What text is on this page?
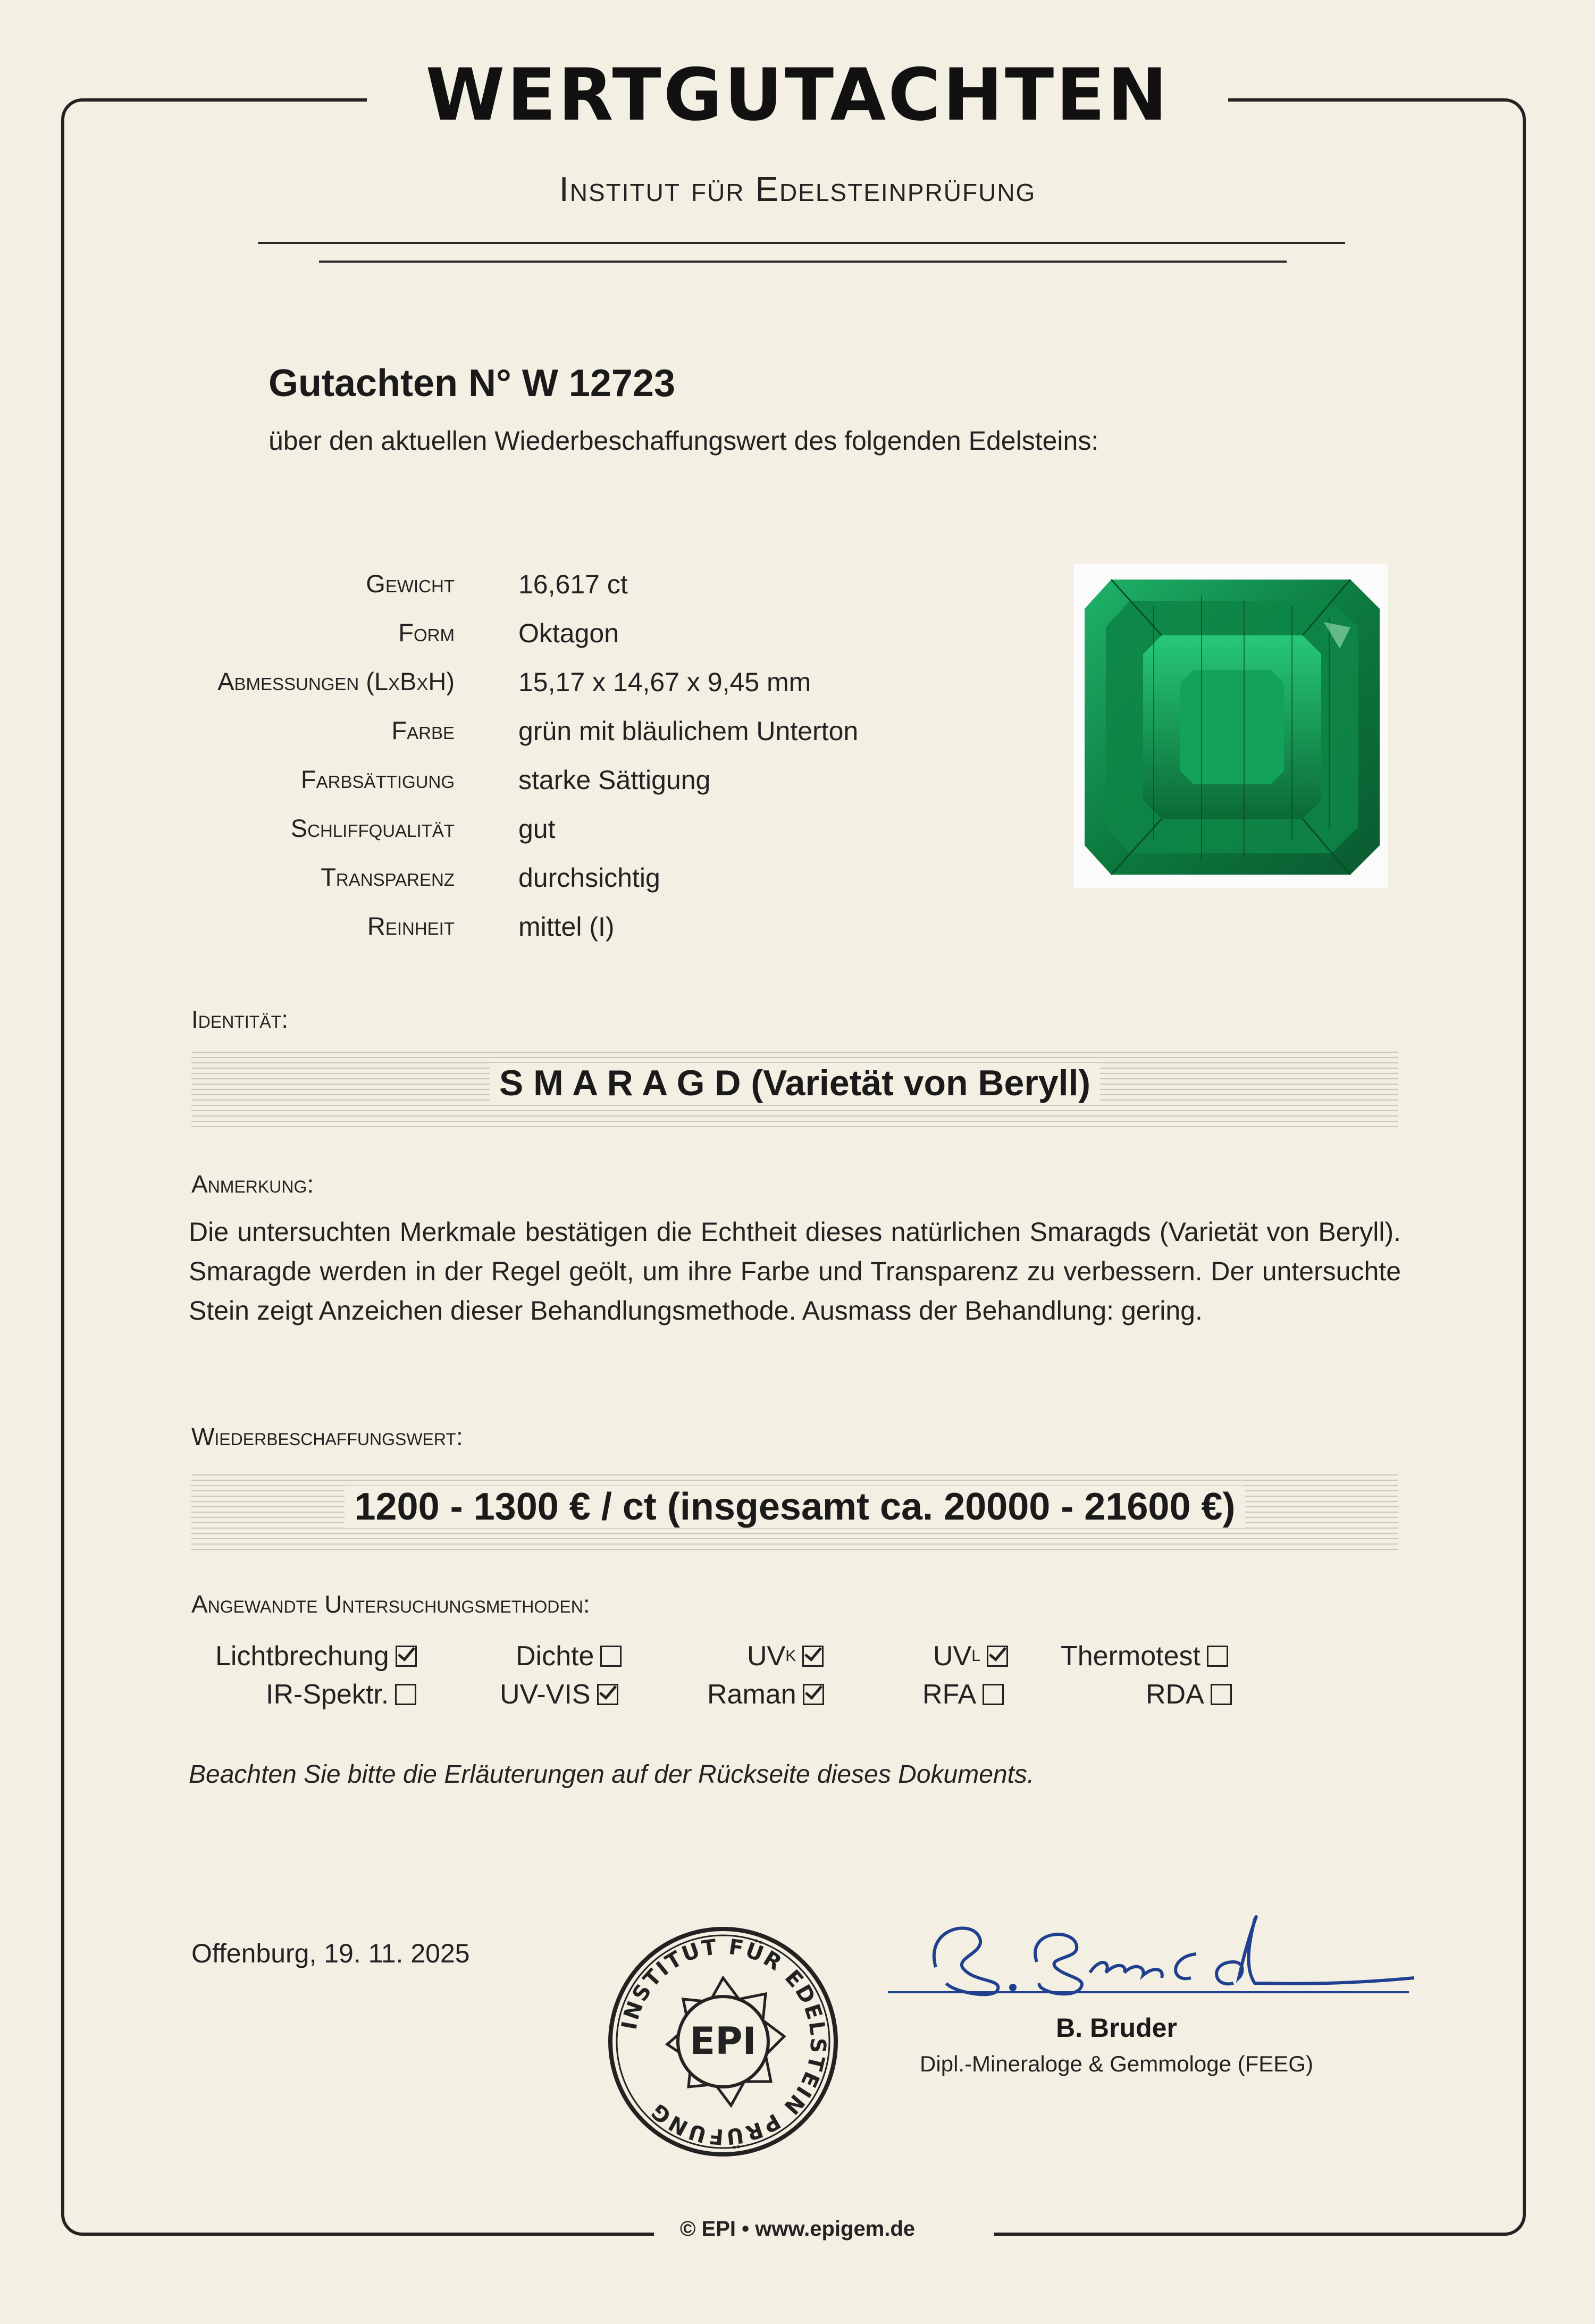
WERTGUTACHTEN
Institut für Edelsteinprüfung
Gutachten N° W 12723
über den aktuellen Wiederbeschaffungswert des folgenden Edelsteins:
Gewicht 16,617 ct
Form Oktagon
Abmessungen (LxBxH) 15,17 x 14,67 x 9,45 mm
Farbe grün mit bläulichem Unterton
Farbsättigung starke Sättigung
Schliffqualität gut
Transparenz durchsichtig
Reinheit mittel (I)
Identität:
S M A R A G D (Varietät von Beryll)
Anmerkung:
Die untersuchten Merkmale bestätigen die Echtheit dieses natürlichen Smaragds (Varietät von Beryll). Smaragde werden in der Regel geölt, um ihre Farbe und Transparenz zu verbessern. Der untersuchte Stein zeigt Anzeichen dieser Behandlungsmethode. Ausmass der Behandlung: gering.
Wiederbeschaffungswert:
1200 - 1300 € / ct (insgesamt ca. 20000 - 21600 €)
Angewandte Untersuchungsmethoden:
Lichtbrechung	Dichte	UV K	UV L	Thermotest
IR-Spektr.	UV-VIS	Raman	RFA	RDA
Beachten Sie bitte die Erläuterungen auf der Rückseite dieses Dokuments.
Offenburg, 19. 11. 2025
INSTITUT FÜR EDELSTEIN PRÜFUNG
EPI	B. Bruder
Dipl.-Mineraloge & Gemmologe (FEEG)
© EPI • www.epigem.de
